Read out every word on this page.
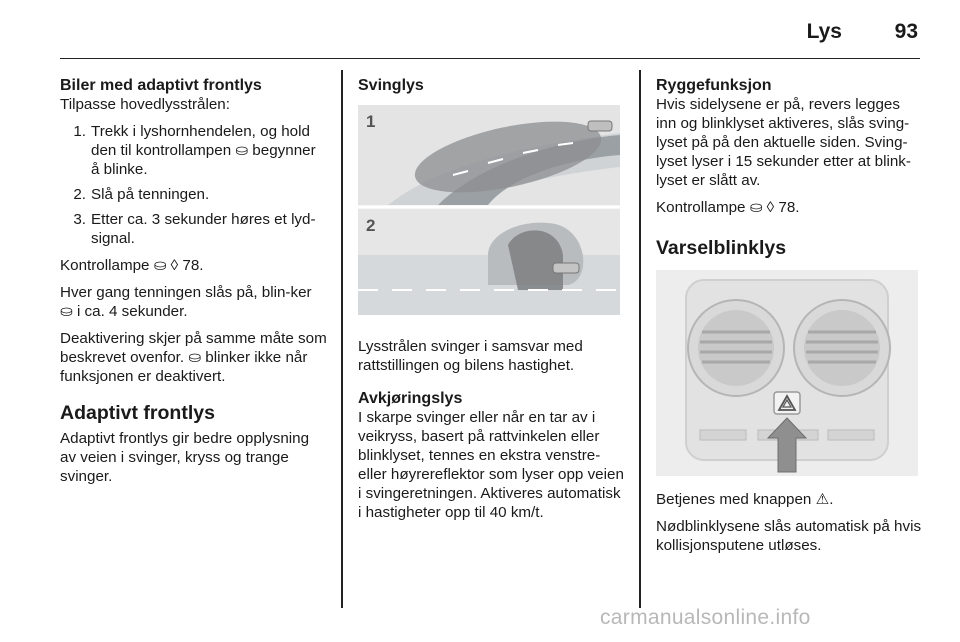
Lys	93
Biler med adaptivt frontlys

Tilpasse hovedlysstrålen:

1. Trekk i lyshornhendelen, og hold den til kontrollampen ⛀ begynner å blinke.
2. Slå på tenningen.
3. Etter ca. 3 sekunder høres et lyd-signal.

Kontrollampe ⛀ ◊ 78.

Hver gang tenningen slås på, blin-ker ⛀ i ca. 4 sekunder.

Deaktivering skjer på samme måte som beskrevet ovenfor. ⛀ blinker ikke når funksjonen er deaktivert.

Adaptivt frontlys

Adaptivt frontlys gir bedre opplysning av veien i svinger, kryss og trange svinger.

Svinglys
1
2

Lysstrålen svinger i samsvar med rattstillingen og bilens hastighet.

Avkjøringslys

I skarpe svinger eller når en tar av i veikryss, basert på rattvinkelen eller blinklyset, tennes en ekstra venstre- eller høyrereflektor som lyser opp veien i svingeretningen. Aktiveres automatisk i hastigheter opp til 40 km/t.

Ryggefunksjon

Hvis sidelysene er på, revers legges inn og blinklyset aktiveres, slås sving-lyset på på den aktuelle siden. Sving-lyset lyser i 15 sekunder etter at blink-lyset er slått av.

Kontrollampe ⛀ ◊ 78.

Varselblinklys

Betjenes med knappen ⚠.

Nødblinklysene slås automatisk på hvis kollisjonsputene utløses.

carmanualsonline.info
